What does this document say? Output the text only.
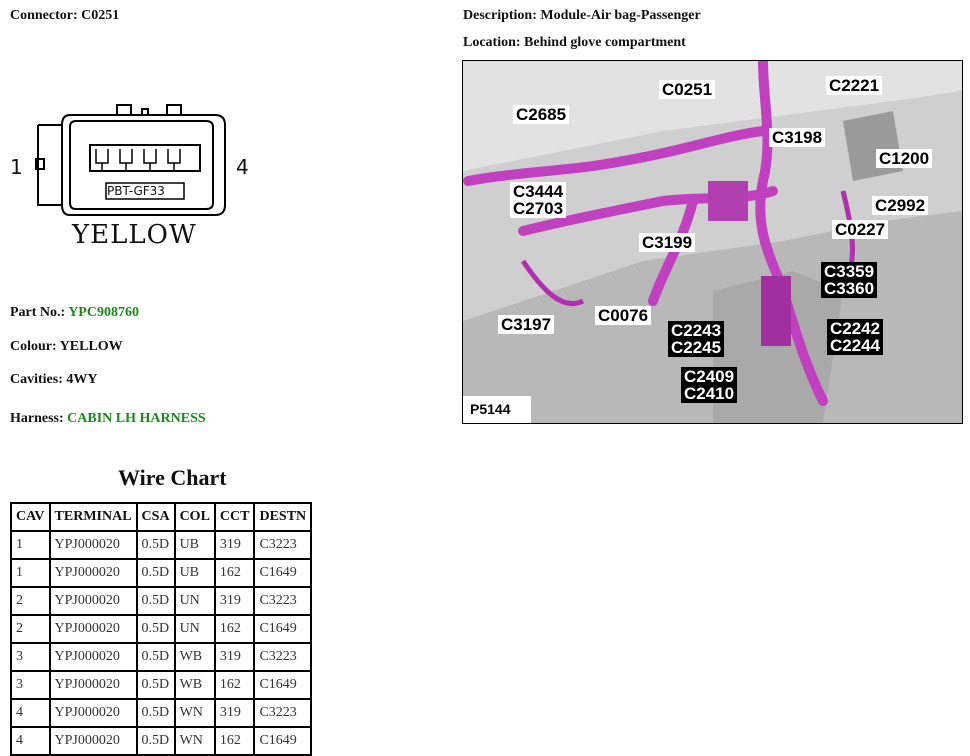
Connector: C0251	Description: Module-Air bag-Passenger
Location: Behind glove compartment
1	4
PBT-GF33
YELLOW
Part No.: YPC908760
Colour: YELLOW
Cavities: 4WY
Harness: CABIN LH HARNESS
Wire Chart
CAV	TERMINAL	CSA	COL	CCT	DESTN
1	YPJ000020	0.5D	UB	319	C3223
1	YPJ000020	0.5D	UB	162	C1649
2	YPJ000020	0.5D	UN	319	C3223
2	YPJ000020	0.5D	UN	162	C1649
3	YPJ000020	0.5D	WB	319	C3223
3	YPJ000020	0.5D	WB	162	C1649
4	YPJ000020	0.5D	WN	319	C3223
4	YPJ000020	0.5D	WN	162	C1649
P5144
C0251	C2221
C2685
C3198
C1200
C3444
C2703	C2992
C3199
C0227
C3359
C3360
C3197	C0076
C2243
C2245
C2242
C2244
C2409
C2410
